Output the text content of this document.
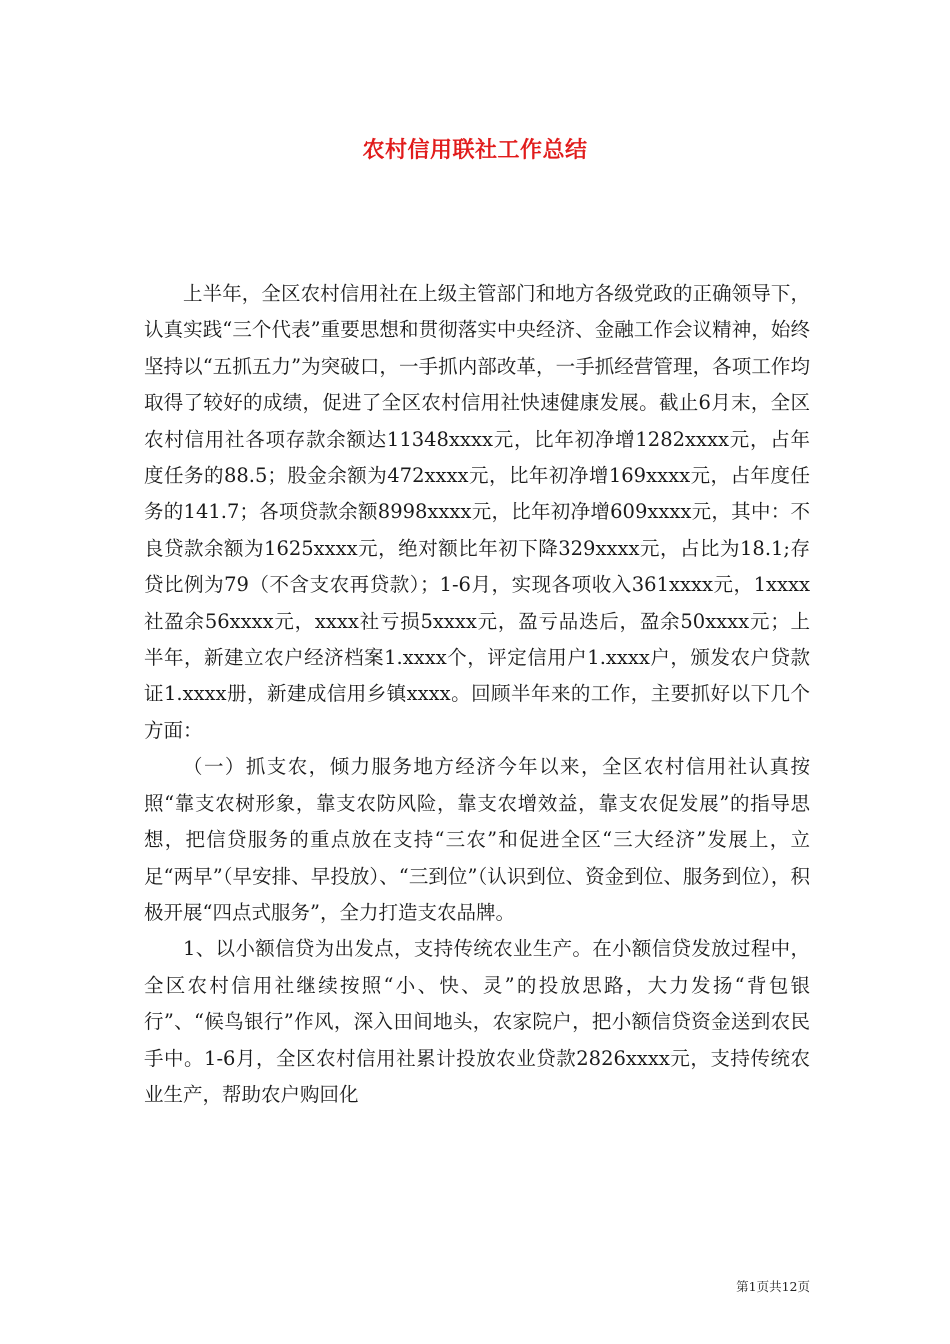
农村信用联社工作总结

上半年，全区农村信用社在上级主管部门和地方各级党政的正确领导下，认真实践“三个代表”重要思想和贯彻落实中央经济、金融工作会议精神，始终坚持以“五抓五力”为突破口，一手抓内部改革，一手抓经营管理，各项工作均取得了较好的成绩，促进了全区农村信用社快速健康发展。截止6月末，全区农村信用社各项存款余额达11348xxxx元，比年初净增1282xxxx元，占年度任务的88.5；股金余额为472xxxx元，比年初净增169xxxx元，占年度任务的141.7；各项贷款余额8998xxxx元，比年初净增609xxxx元，其中：不良贷款余额为1625xxxx元，绝对额比年初下降329xxxx元，占比为18.1;存贷比例为79（不含支农再贷款）；1-6月，实现各项收入361xxxx元，1xxxx社盈余56xxxx元，xxxx社亏损5xxxx元，盈亏品迭后，盈余50xxxx元；上半年，新建立农户经济档案1.xxxx个，评定信用户1.xxxx户，颁发农户贷款证1.xxxx册，新建成信用乡镇xxxx。回顾半年来的工作，主要抓好以下几个方面：

（一）抓支农，倾力服务地方经济今年以来，全区农村信用社认真按照“靠支农树形象，靠支农防风险，靠支农增效益，靠支农促发展”的指导思想，把信贷服务的重点放在支持“三农”和促进全区“三大经济”发展上，立足“两早”（早安排、早投放）、“三到位”（认识到位、资金到位、服务到位），积极开展“四点式服务”，全力打造支农品牌。

1、以小额信贷为出发点，支持传统农业生产。在小额信贷发放过程中，全区农村信用社继续按照“小、快、灵”的投放思路，大力发扬“背包银行”、“候鸟银行”作风，深入田间地头，农家院户，把小额信贷资金送到农民手中。1-6月，全区农村信用社累计投放农业贷款2826xxxx元，支持传统农业生产，帮助农户购回化

第1页共12页
